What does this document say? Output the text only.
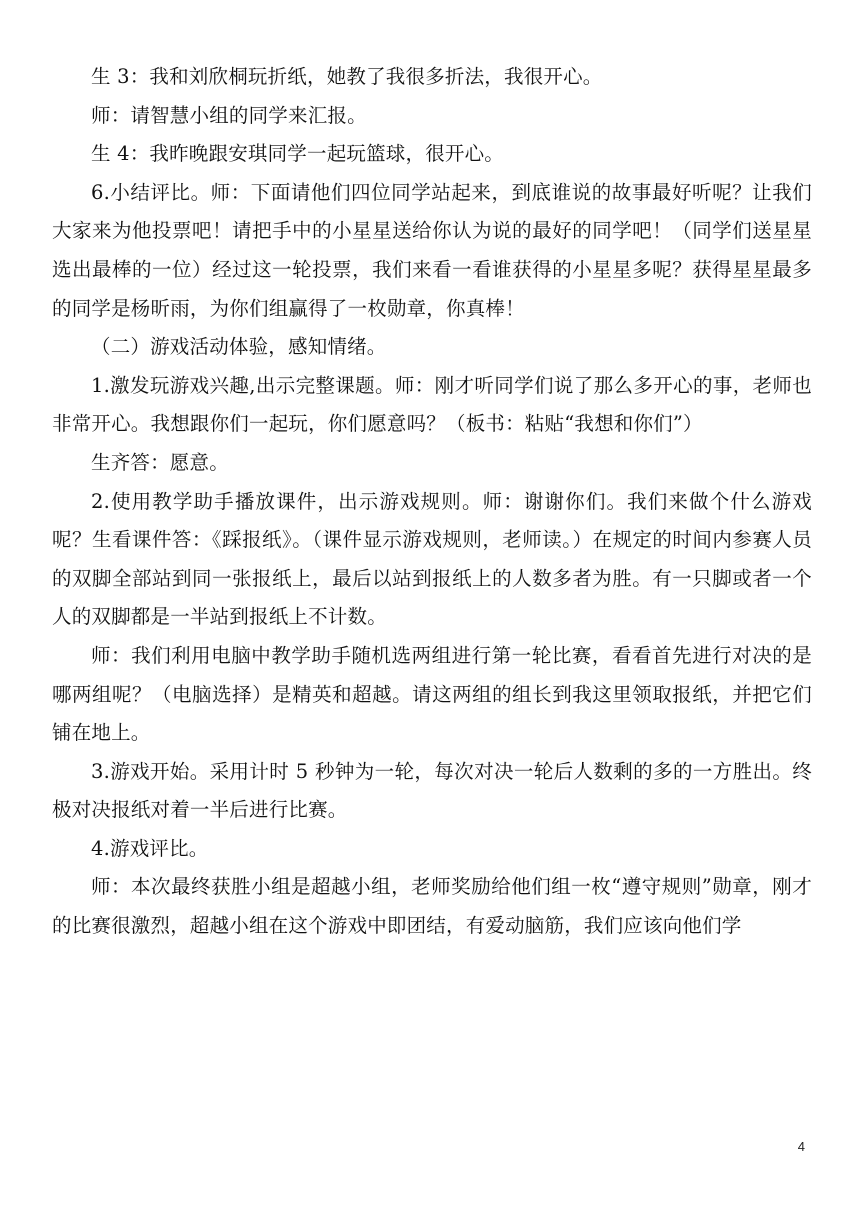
生 3：我和刘欣桐玩折纸，她教了我很多折法，我很开心。

师：请智慧小组的同学来汇报。

生 4：我昨晚跟安琪同学一起玩篮球，很开心。

6.小结评比。师：下面请他们四位同学站起来，到底谁说的故事最好听呢？让我们大家来为他投票吧！请把手中的小星星送给你认为说的最好的同学吧！（同学们送星星选出最棒的一位）经过这一轮投票，我们来看一看谁获得的小星星多呢？获得星星最多的同学是杨昕雨，为你们组赢得了一枚勋章，你真棒！

（二）游戏活动体验，感知情绪。

1.激发玩游戏兴趣,出示完整课题。师：刚才听同学们说了那么多开心的事，老师也非常开心。我想跟你们一起玩，你们愿意吗？（板书：粘贴“我想和你们”）

生齐答：愿意。

2.使用教学助手播放课件，出示游戏规则。师：谢谢你们。我们来做个什么游戏呢？生看课件答：《踩报纸》。（课件显示游戏规则，老师读。）在规定的时间内参赛人员的双脚全部站到同一张报纸上，最后以站到报纸上的人数多者为胜。有一只脚或者一个人的双脚都是一半站到报纸上不计数。

师：我们利用电脑中教学助手随机选两组进行第一轮比赛，看看首先进行对决的是哪两组呢？（电脑选择）是精英和超越。请这两组的组长到我这里领取报纸，并把它们铺在地上。

3.游戏开始。采用计时 5 秒钟为一轮，每次对决一轮后人数剩的多的一方胜出。终极对决报纸对着一半后进行比赛。

4.游戏评比。

师：本次最终获胜小组是超越小组，老师奖励给他们组一枚“遵守规则”勋章，刚才的比赛很激烈，超越小组在这个游戏中即团结，有爱动脑筋，我们应该向他们学

4
